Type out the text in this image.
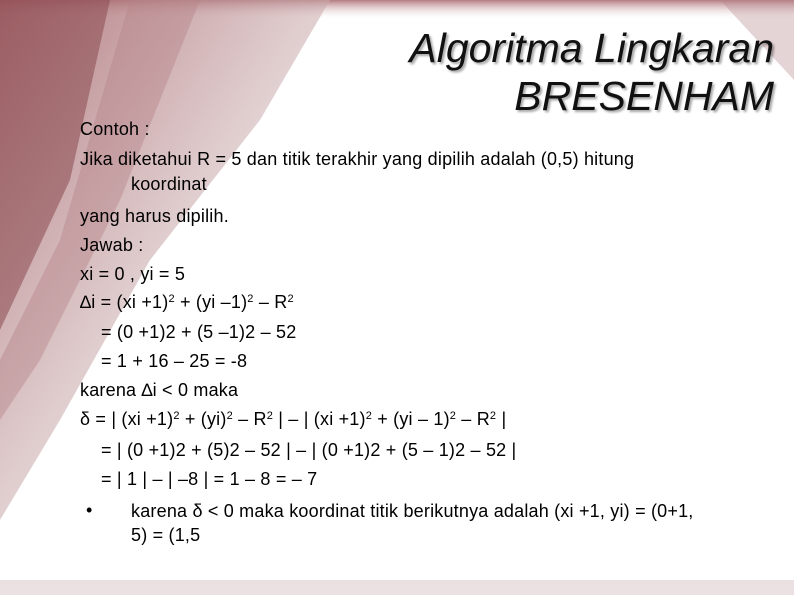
Algoritma Lingkaran
BRESENHAM
Contoh :
Jika diketahui R = 5 dan titik terakhir yang dipilih adalah (0,5) hitung
koordinat
yang harus dipilih.
Jawab :
xi = 0 , yi = 5
∆i = (xi +1)$^2$ + (yi $-1)^2 - R^2$
= (0 +1)2 + (5 –1)2 – 52
= 1 + 16 – 25 = -8
karena ∆i < 0 maka
δ = | $(xi +1)^2 + (yi)^2 - R^2$ | – | $(xi +1)^2 + (yi - 1)^2 - R^2$ |
= | (0 +1)2 + (5)2 – 52 | – | (0 +1)2 + (5 – 1)2 – 52 |
= | 1 | – | –8 | = 1 – 8 = – 7
• karena δ < 0 maka koordinat titik berikutnya adalah (xi +1, yi) = (0+1,
5) = (1,5
